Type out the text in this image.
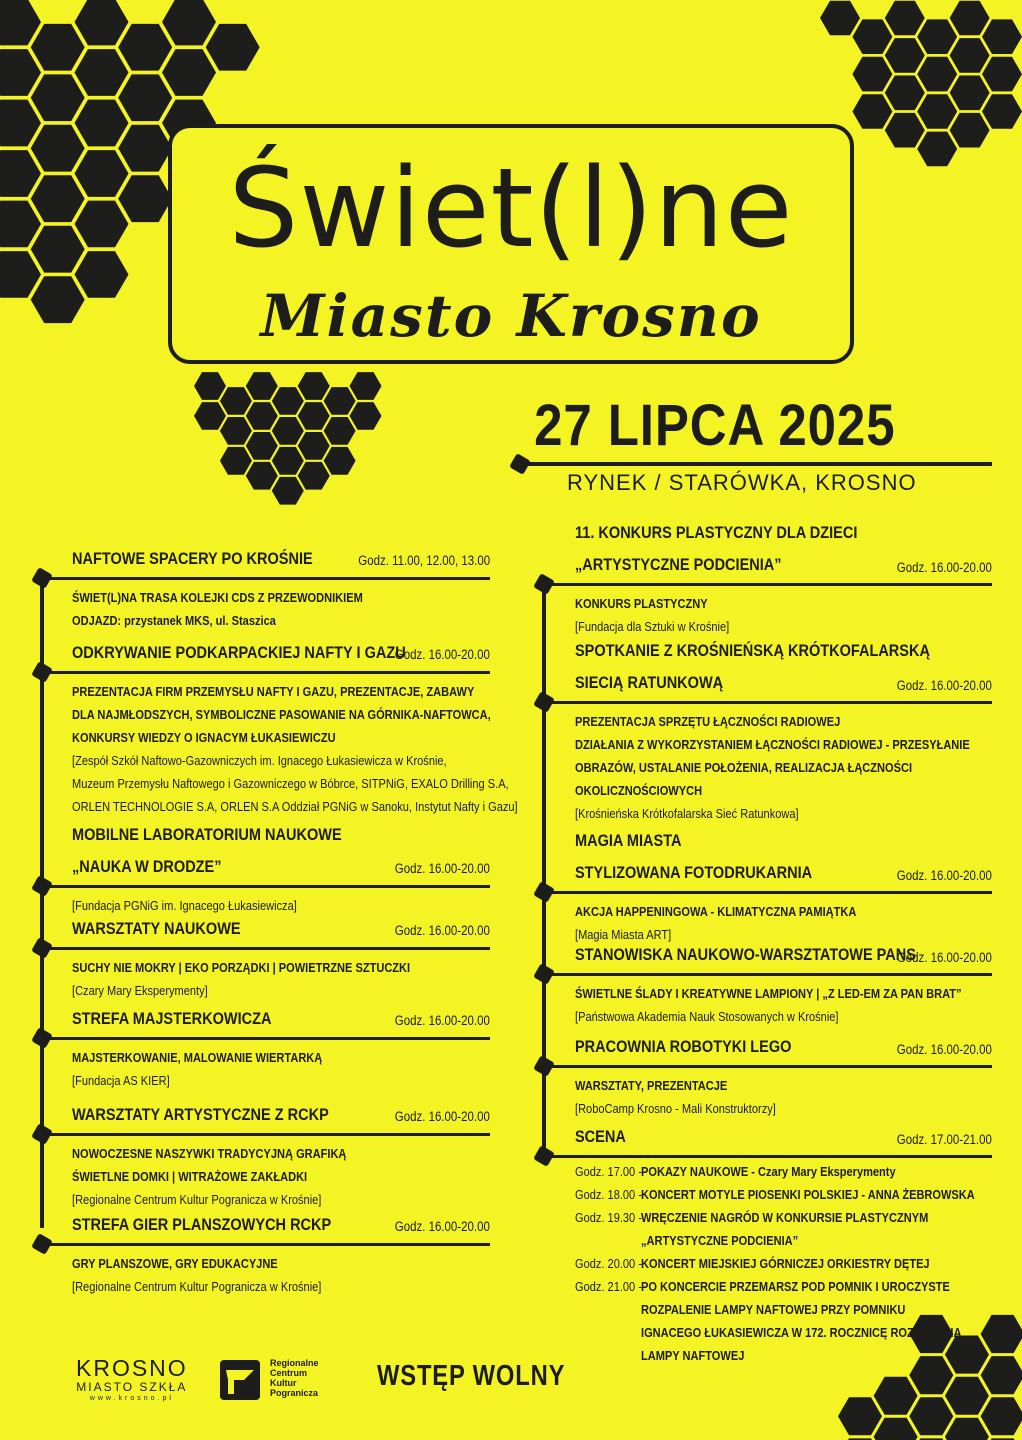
Świet(l)ne
Miasto Krosno
27 LIPCA 2025
RYNEK / STARÓWKA, KROSNO
NAFTOWE SPACERY PO KROŚNIE	Godz. 11.00, 12.00, 13.00
ŚWIET(L)NA TRASA KOLEJKI CDS Z PRZEWODNIKIEM
ODJAZD: przystanek MKS, ul. Staszica
ODKRYWANIE PODKARPACKIEJ NAFTY I GAZU
Godz. 16.00-20.00
PREZENTACJA FIRM PRZEMYSŁU NAFTY I GAZU, PREZENTACJE, ZABAWY
DLA NAJMŁODSZYCH, SYMBOLICZNE PASOWANIE NA GÓRNIKA-NAFTOWCA,
KONKURSY WIEDZY O IGNACYM ŁUKASIEWICZU
[Zespół Szkół Naftowo-Gazowniczych im. Ignacego Łukasiewicza w Krośnie,
Muzeum Przemysłu Naftowego i Gazowniczego w Bóbrce, SITPNiG, EXALO Drilling S.A,
ORLEN TECHNOLOGIE S.A, ORLEN S.A Oddział PGNiG w Sanoku, Instytut Nafty i Gazu]
MOBILNE LABORATORIUM NAUKOWE
„NAUKA W DRODZE”	Godz. 16.00-20.00
[Fundacja PGNiG im. Ignacego Łukasiewicza]
WARSZTATY NAUKOWE	Godz. 16.00-20.00
SUCHY NIE MOKRY | EKO PORZĄDKI | POWIETRZNE SZTUCZKI
[Czary Mary Eksperymenty]
STREFA MAJSTERKOWICZA	Godz. 16.00-20.00
MAJSTERKOWANIE, MALOWANIE WIERTARKĄ
[Fundacja AS KIER]
WARSZTATY ARTYSTYCZNE Z RCKP	Godz. 16.00-20.00
NOWOCZESNE NASZYWKI TRADYCYJNĄ GRAFIKĄ
ŚWIETLNE DOMKI | WITRAŻOWE ZAKŁADKI
[Regionalne Centrum Kultur Pogranicza w Krośnie]
STREFA GIER PLANSZOWYCH RCKP	Godz. 16.00-20.00
GRY PLANSZOWE, GRY EDUKACYJNE
[Regionalne Centrum Kultur Pogranicza w Krośnie]
11. KONKURS PLASTYCZNY DLA DZIECI
„ARTYSTYCZNE PODCIENIA”	Godz. 16.00-20.00
KONKURS PLASTYCZNY
[Fundacja dla Sztuki w Krośnie]
SPOTKANIE Z KROŚNIEŃSKĄ KRÓTKOFALARSKĄ
SIECIĄ RATUNKOWĄ	Godz. 16.00-20.00
PREZENTACJA SPRZĘTU ŁĄCZNOŚCI RADIOWEJ
DZIAŁANIA Z WYKORZYSTANIEM ŁĄCZNOŚCI RADIOWEJ - PRZESYŁANIE
OBRAZÓW, USTALANIE POŁOŻENIA, REALIZACJA ŁĄCZNOŚCI
OKOLICZNOŚCIOWYCH
[Krośnieńska Krótkofalarska Sieć Ratunkowa]
MAGIA MIASTA
STYLIZOWANA FOTODRUKARNIA	Godz. 16.00-20.00
AKCJA HAPPENINGOWA - KLIMATYCZNA PAMIĄTKA
[Magia Miasta ART]
STANOWISKA NAUKOWO-WARSZTATOWE PANS
Godz. 16.00-20.00
ŚWIETLNE ŚLADY I KREATYWNE LAMPIONY | „Z LED-EM ZA PAN BRAT”
[Państwowa Akademia Nauk Stosowanych w Krośnie]
PRACOWNIA ROBOTYKI LEGO	Godz. 16.00-20.00
WARSZTATY, PREZENTACJE
[RoboCamp Krosno - Mali Konstruktorzy]
SCENA	Godz. 17.00-21.00
Godz. 17.00 - POKAZY NAUKOWE - Czary Mary Eksperymenty
Godz. 18.00 - KONCERT MOTYLE PIOSENKI POLSKIEJ - ANNA ŻEBROWSKA
Godz. 19.30 - WRĘCZENIE NAGRÓD W KONKURSIE PLASTYCZNYM
„ARTYSTYCZNE PODCIENIA”
Godz. 20.00 - KONCERT MIEJSKIEJ GÓRNICZEJ ORKIESTRY DĘTEJ
Godz. 21.00 - PO KONCERCIE PRZEMARSZ POD POMNIK I UROCZYSTE
ROZPALENIE LAMPY NAFTOWEJ PRZY POMNIKU
IGNACEGO ŁUKASIEWICZA W 172. ROCZNICĘ ROZPALENIA
LAMPY NAFTOWEJ
KROSNO
MIASTO SZKŁA
www.krosno.pl
Regionalne
Centrum
Kultur
Pogranicza
WSTĘP WOLNY
